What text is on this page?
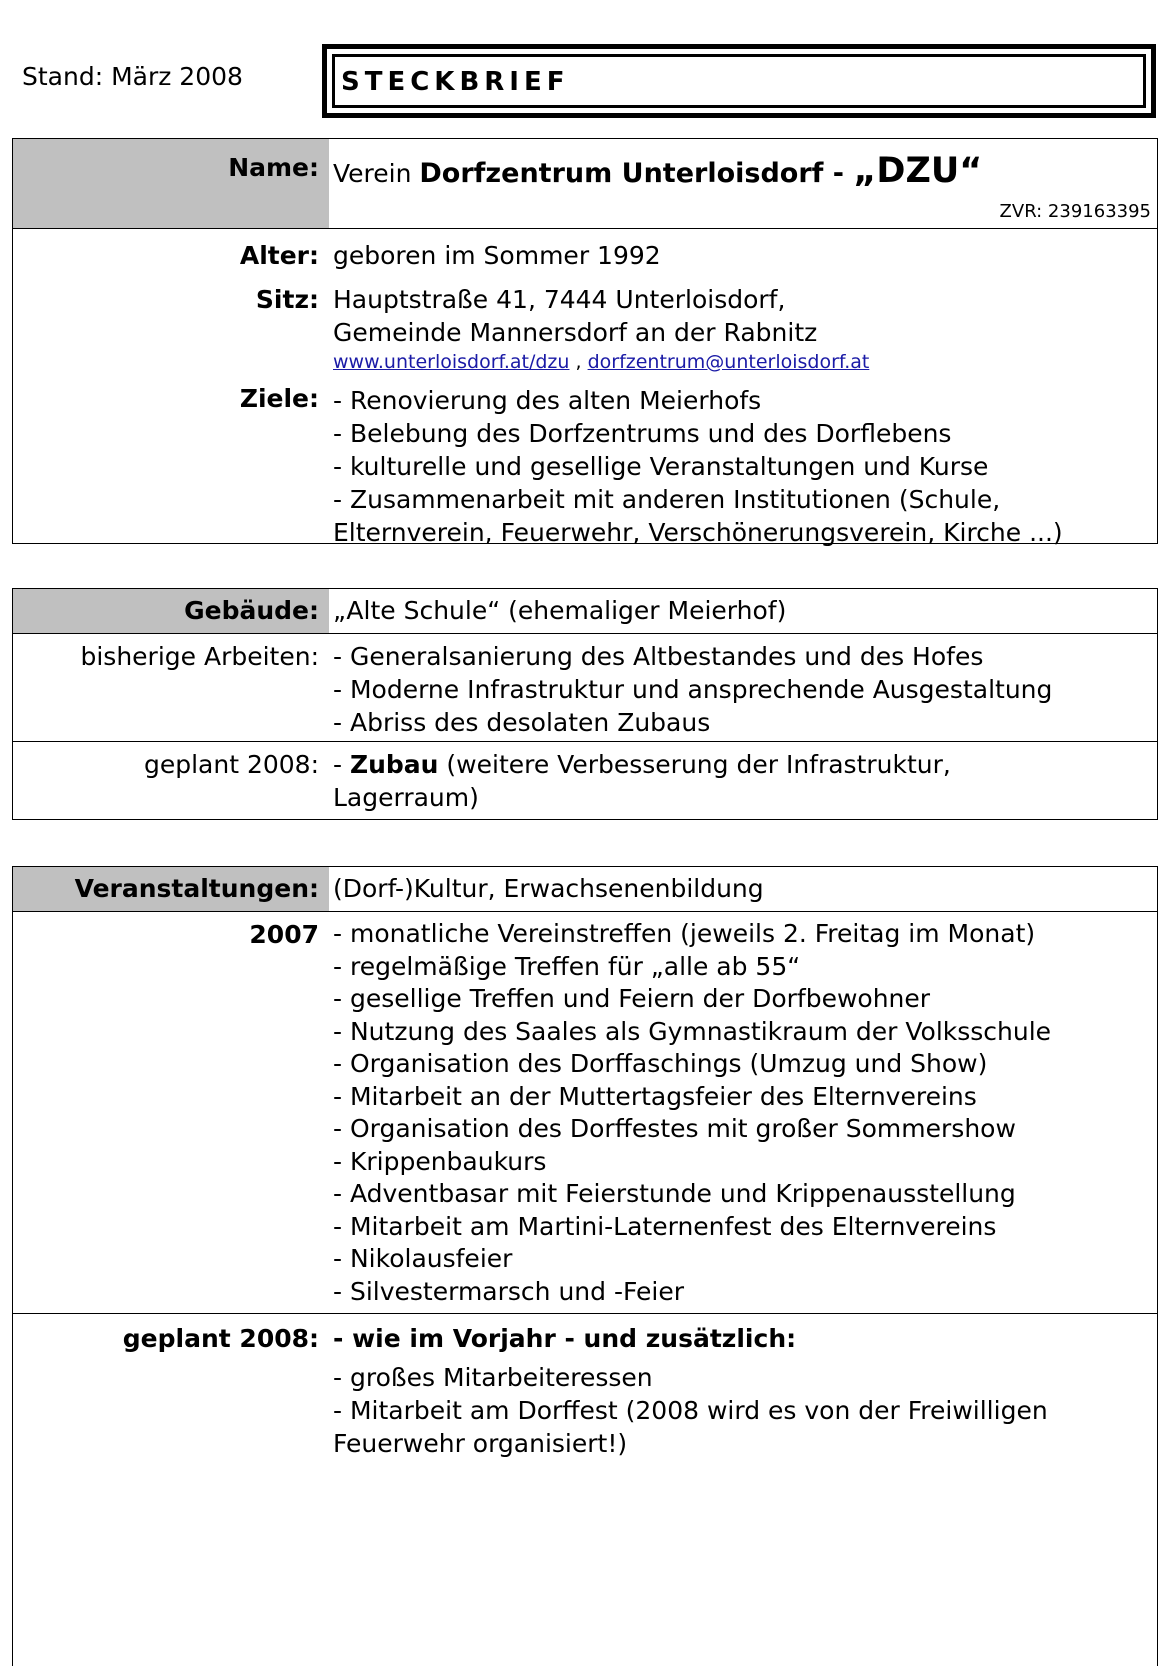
Stand: März 2008	STECKBRIEF
Name: Verein Dorfzentrum Unterloisdorf - „DZU“
ZVR: 239163395
Alter:
Sitz:
Ziele:
geboren im Sommer 1992
Hauptstraße 41, 7444 Unterloisdorf,
Gemeinde Mannersdorf an der Rabnitz
www.unterloisdorf.at/dzu , dorfzentrum@unterloisdorf.at
- Renovierung des alten Meierhofs
- Belebung des Dorfzentrums und des Dorflebens
- kulturelle und gesellige Veranstaltungen und Kurse
- Zusammenarbeit mit anderen Institutionen (Schule,
Elternverein, Feuerwehr, Verschönerungsverein, Kirche ...)
Gebäude: „Alte Schule“ (ehemaliger Meierhof)
bisherige Arbeiten: - Generalsanierung des Altbestandes und des Hofes
- Moderne Infrastruktur und ansprechende Ausgestaltung
- Abriss des desolaten Zubaus
geplant 2008: - Zubau (weitere Verbesserung der Infrastruktur,
Lagerraum)
Veranstaltungen: (Dorf-)Kultur, Erwachsenenbildung
2007 - monatliche Vereinstreffen (jeweils 2. Freitag im Monat)
- regelmäßige Treffen für „alle ab 55“
- gesellige Treffen und Feiern der Dorfbewohner
- Nutzung des Saales als Gymnastikraum der Volksschule
- Organisation des Dorffaschings (Umzug und Show)
- Mitarbeit an der Muttertagsfeier des Elternvereins
- Organisation des Dorffestes mit großer Sommershow
- Krippenbaukurs
- Adventbasar mit Feierstunde und Krippenausstellung
- Mitarbeit am Martini-Laternenfest des Elternvereins
- Nikolausfeier
- Silvestermarsch und -Feier
geplant 2008: - wie im Vorjahr - und zusätzlich:
- großes Mitarbeiteressen
- Mitarbeit am Dorffest (2008 wird es von der Freiwilligen
Feuerwehr organisiert!)
